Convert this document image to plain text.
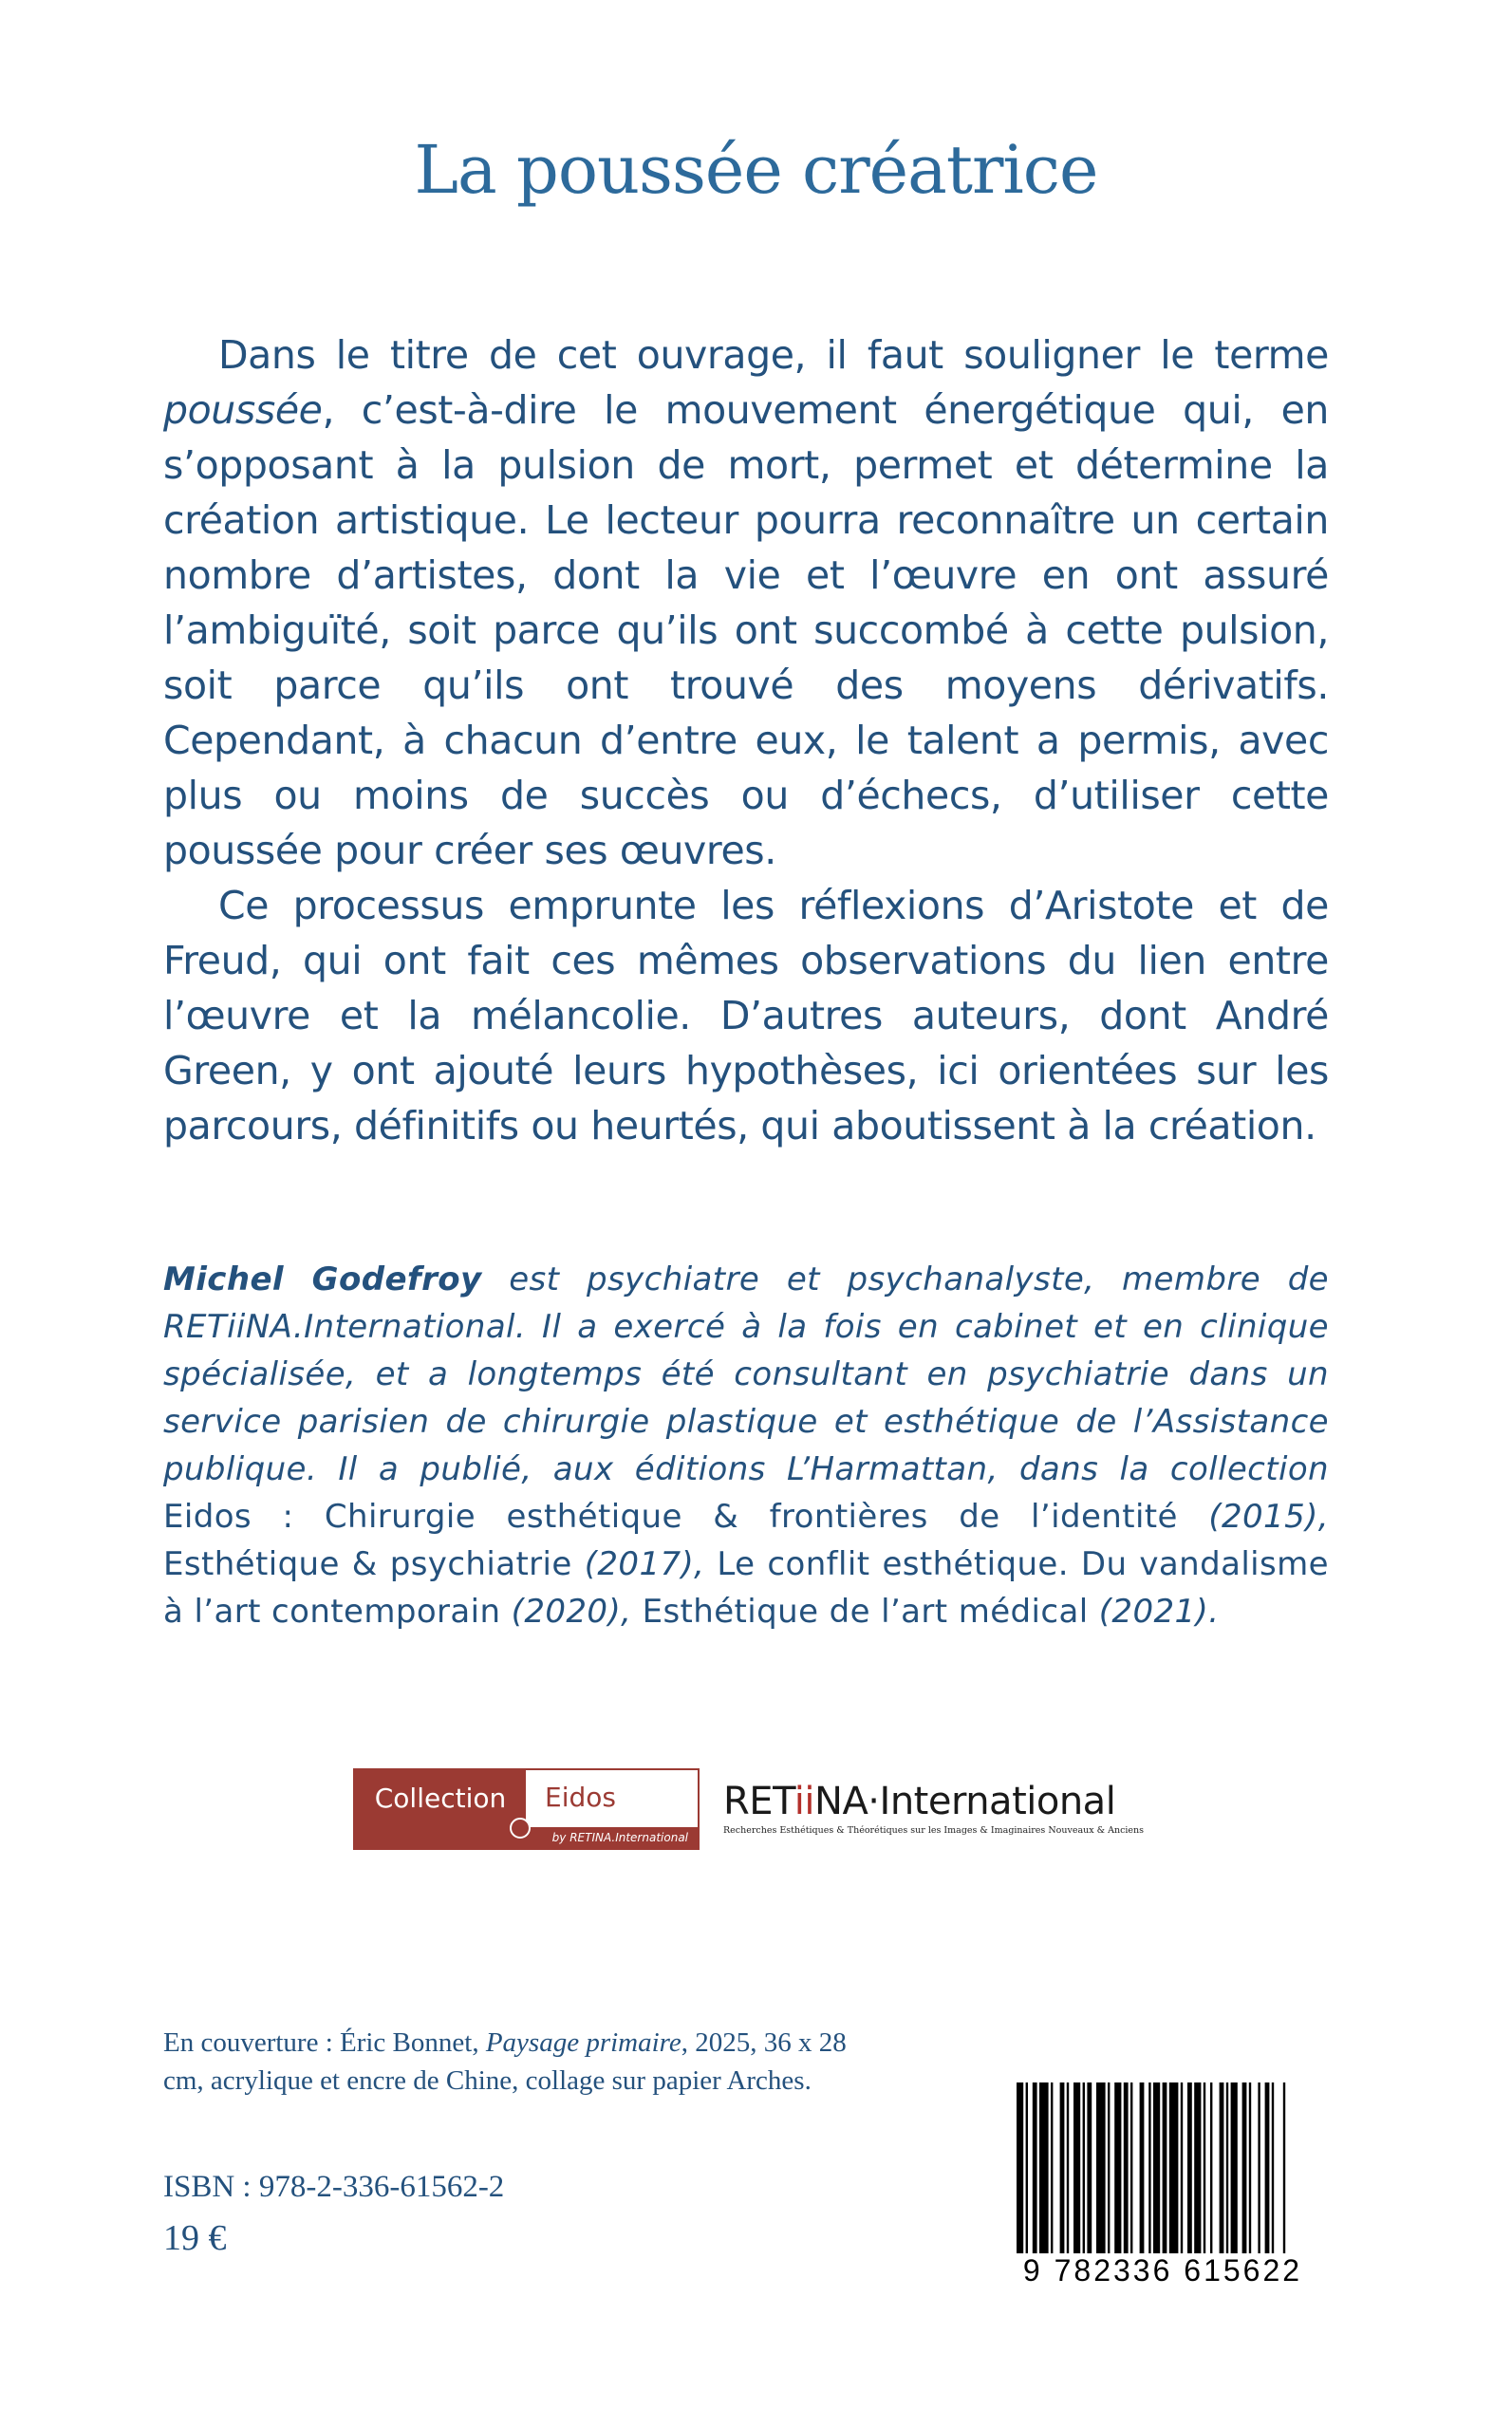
La poussée créatrice

Dans le titre de cet ouvrage, il faut souligner le terme poussée, c’est-à-dire le mouvement énergétique qui, en s’opposant à la pulsion de mort, permet et détermine la création artistique. Le lecteur pourra reconnaître un certain nombre d’artistes, dont la vie et l’œuvre en ont assuré l’ambiguïté, soit parce qu’ils ont succombé à cette pulsion, soit parce qu’ils ont trouvé des moyens dérivatifs. Cependant, à chacun d’entre eux, le talent a permis, avec plus ou moins de succès ou d’échecs, d’utiliser cette poussée pour créer ses œuvres.

Ce processus emprunte les réflexions d’Aristote et de Freud, qui ont fait ces mêmes observations du lien entre l’œuvre et la mélancolie. D’autres auteurs, dont André Green, y ont ajouté leurs hypothèses, ici orientées sur les parcours, définitifs ou heurtés, qui aboutissent à la création.

Michel Godefroy est psychiatre et psychanalyste, membre de RETiiNA.International. Il a exercé à la fois en cabinet et en clinique spécialisée, et a longtemps été consultant en psychiatrie dans un service parisien de chirurgie plastique et esthétique de l’Assistance publique. Il a publié, aux éditions L’Harmattan, dans la collection Eidos : Chirurgie esthétique & frontières de l’identité (2015), Esthétique & psychiatrie (2017), Le conflit esthétique. Du vandalisme à l’art contemporain (2020), Esthétique de l’art médical (2021).

Collection	Eidos
by RETINA.International
RETiiNA·International
Recherches Esthétiques & Théorétiques sur les Images & Imaginaires Nouveaux & Anciens
En couverture : Éric Bonnet, Paysage primaire, 2025, 36 x 28 cm, acrylique et encre de Chine, collage sur papier Arches.
ISBN : 978-2-336-61562-2
19 €
9 782336 615622
